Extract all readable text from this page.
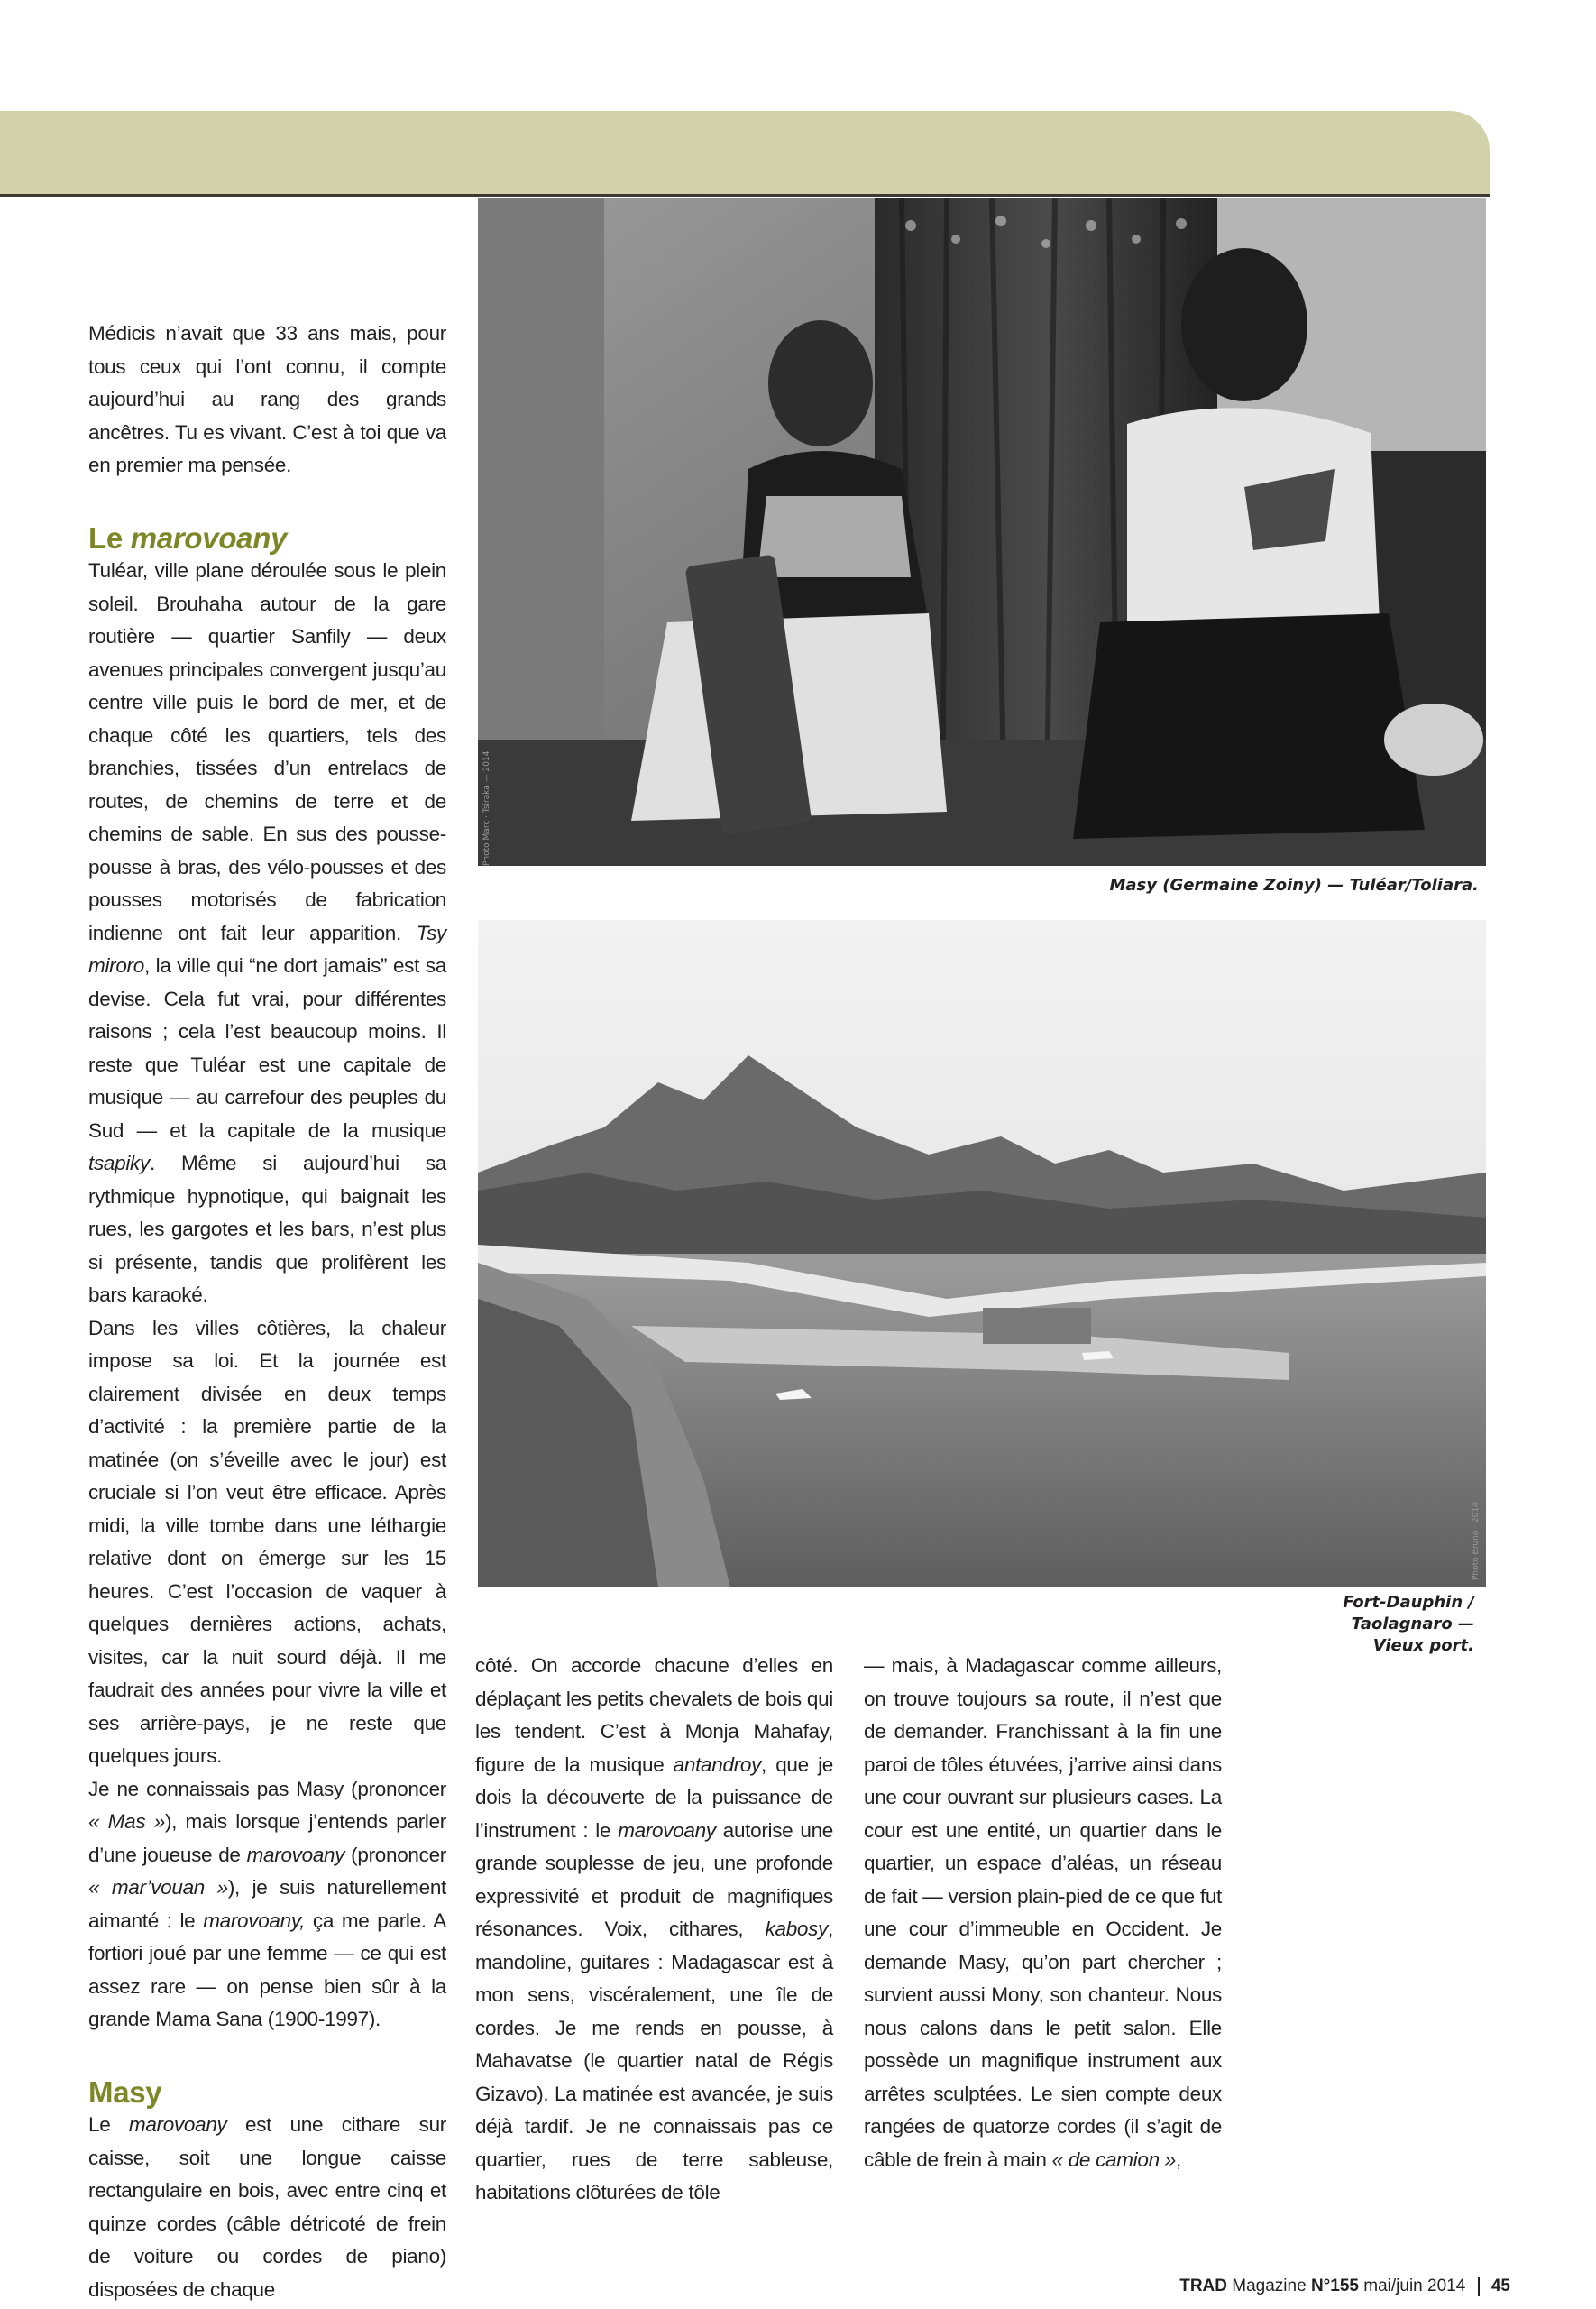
Médicis n’avait que 33 ans mais, pour tous ceux qui l’ont connu, il compte aujourd’hui au rang des grands ancêtres. Tu es vivant. C’est à toi que va en premier ma pensée.

Le marovoany

Tuléar, ville plane déroulée sous le plein soleil. Brouhaha autour de la gare routière — quartier Sanfily — deux avenues principales convergent jusqu’au centre ville puis le bord de mer, et de chaque côté les quartiers, tels des branchies, tissées d’un entrelacs de routes, de chemins de terre et de chemins de sable. En sus des pousse-pousse à bras, des vélo-pousses et des pousses motorisés de fabrication indienne ont fait leur apparition. Tsy miroro, la ville qui “ne dort jamais” est sa devise. Cela fut vrai, pour différentes raisons ; cela l’est beaucoup moins. Il reste que Tuléar est une capitale de musique — au carrefour des peuples du Sud — et la capitale de la musique tsapiky. Même si aujourd’hui sa rythmique hypnotique, qui baignait les rues, les gargotes et les bars, n’est plus si présente, tandis que prolifèrent les bars karaoké.

Dans les villes côtières, la chaleur impose sa loi. Et la journée est clairement divisée en deux temps d’activité : la première partie de la matinée (on s’éveille avec le jour) est cruciale si l’on veut être efficace. Après midi, la ville tombe dans une léthargie relative dont on émerge sur les 15 heures. C’est l’occasion de vaquer à quelques dernières actions, achats, visites, car la nuit sourd déjà. Il me faudrait des années pour vivre la ville et ses arrière-pays, je ne reste que quelques jours.

Je ne connaissais pas Masy (prononcer « Mas »), mais lorsque j’entends parler d’une joueuse de marovoany (prononcer « mar’vouan »), je suis naturellement aimanté : le marovoany, ça me parle. A fortiori joué par une femme — ce qui est assez rare — on pense bien sûr à la grande Mama Sana (1900-1997).

Masy

Le marovoany est une cithare sur caisse, soit une longue caisse rectangulaire en bois, avec entre cinq et quinze cordes (câble détricoté de frein de voiture ou cordes de piano) disposées de chaque

Photo Marc · Tsiraka — 2014

Masy (Germaine Zoiny) — Tuléar/Toliara.

Photo Bruno · 2014

Fort-Dauphin /
Taolagnaro —
Vieux port.

côté. On accorde chacune d’elles en déplaçant les petits chevalets de bois qui les tendent. C’est à Monja Mahafay, figure de la musique antandroy, que je dois la découverte de la puissance de l’instrument : le marovoany autorise une grande souplesse de jeu, une profonde expressivité et produit de magnifiques résonances. Voix, cithares, kabosy, mandoline, guitares : Madagascar est à mon sens, viscéralement, une île de cordes. Je me rends en pousse, à Mahavatse (le quartier natal de Régis Gizavo). La matinée est avancée, je suis déjà tardif. Je ne connaissais pas ce quartier, rues de terre sableuse, habitations clôturées de tôle

— mais, à Madagascar comme ailleurs, on trouve toujours sa route, il n’est que de demander. Franchissant à la fin une paroi de tôles étuvées, j’arrive ainsi dans une cour ouvrant sur plusieurs cases. La cour est une entité, un quartier dans le quartier, un espace d’aléas, un réseau de fait — version plain-pied de ce que fut une cour d’immeuble en Occident. Je demande Masy, qu’on part chercher ; survient aussi Mony, son chanteur. Nous nous calons dans le petit salon. Elle possède un magnifique instrument aux arrêtes sculptées. Le sien compte deux rangées de quatorze cordes (il s’agit de câble de frein à main « de camion »,

TRAD Magazine N°155 mai/juin 2014 45
